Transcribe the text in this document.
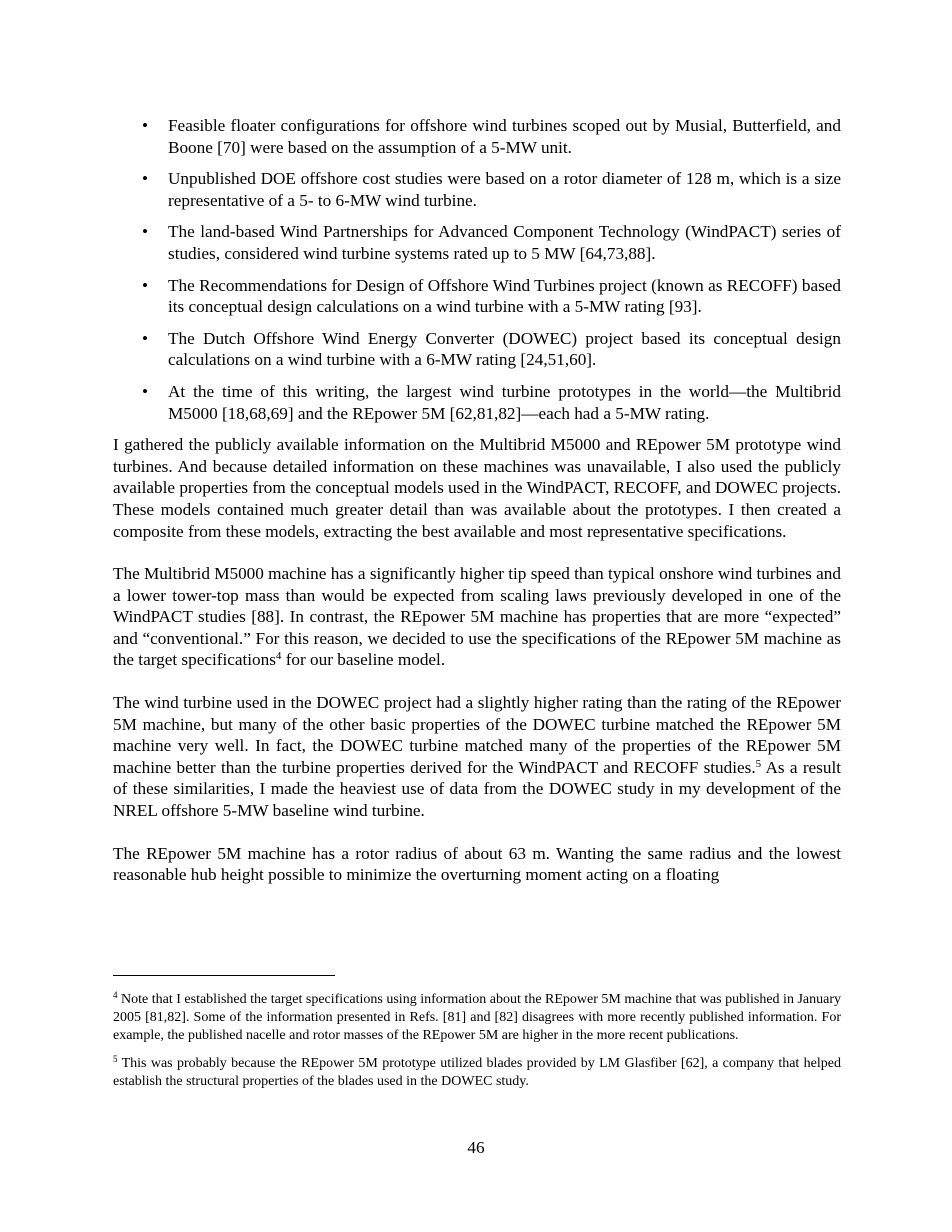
• Feasible floater configurations for offshore wind turbines scoped out by Musial, Butterfield, and Boone [70] were based on the assumption of a 5-MW unit.
• Unpublished DOE offshore cost studies were based on a rotor diameter of 128 m, which is a size representative of a 5- to 6-MW wind turbine.
• The land-based Wind Partnerships for Advanced Component Technology (WindPACT) series of studies, considered wind turbine systems rated up to 5 MW [64,73,88].
• The Recommendations for Design of Offshore Wind Turbines project (known as RECOFF) based its conceptual design calculations on a wind turbine with a 5-MW rating [93].
• The Dutch Offshore Wind Energy Converter (DOWEC) project based its conceptual design calculations on a wind turbine with a 6-MW rating [24,51,60].
• At the time of this writing, the largest wind turbine prototypes in the world—the Multibrid M5000 [18,68,69] and the REpower 5M [62,81,82]—each had a 5-MW rating.

I gathered the publicly available information on the Multibrid M5000 and REpower 5M prototype wind turbines. And because detailed information on these machines was unavailable, I also used the publicly available properties from the conceptual models used in the WindPACT, RECOFF, and DOWEC projects. These models contained much greater detail than was available about the prototypes. I then created a composite from these models, extracting the best available and most representative specifications.

The Multibrid M5000 machine has a significantly higher tip speed than typical onshore wind turbines and a lower tower-top mass than would be expected from scaling laws previously developed in one of the WindPACT studies [88]. In contrast, the REpower 5M machine has properties that are more “expected” and “conventional.” For this reason, we decided to use the specifications of the REpower 5M machine as the target specifications$^4$ for our baseline model.

The wind turbine used in the DOWEC project had a slightly higher rating than the rating of the REpower 5M machine, but many of the other basic properties of the DOWEC turbine matched the REpower 5M machine very well. In fact, the DOWEC turbine matched many of the properties of the REpower 5M machine better than the turbine properties derived for the WindPACT and RECOFF studies.$^5$ As a result of these similarities, I made the heaviest use of data from the DOWEC study in my development of the NREL offshore 5-MW baseline wind turbine.

The REpower 5M machine has a rotor radius of about 63 m. Wanting the same radius and the lowest reasonable hub height possible to minimize the overturning moment acting on a floating

$^4$ Note that I established the target specifications using information about the REpower 5M machine that was published in January 2005 [81,82]. Some of the information presented in Refs. [81] and [82] disagrees with more recently published information. For example, the published nacelle and rotor masses of the REpower 5M are higher in the more recent publications.

$^5$ This was probably because the REpower 5M prototype utilized blades provided by LM Glasfiber [62], a company that helped establish the structural properties of the blades used in the DOWEC study.

46
